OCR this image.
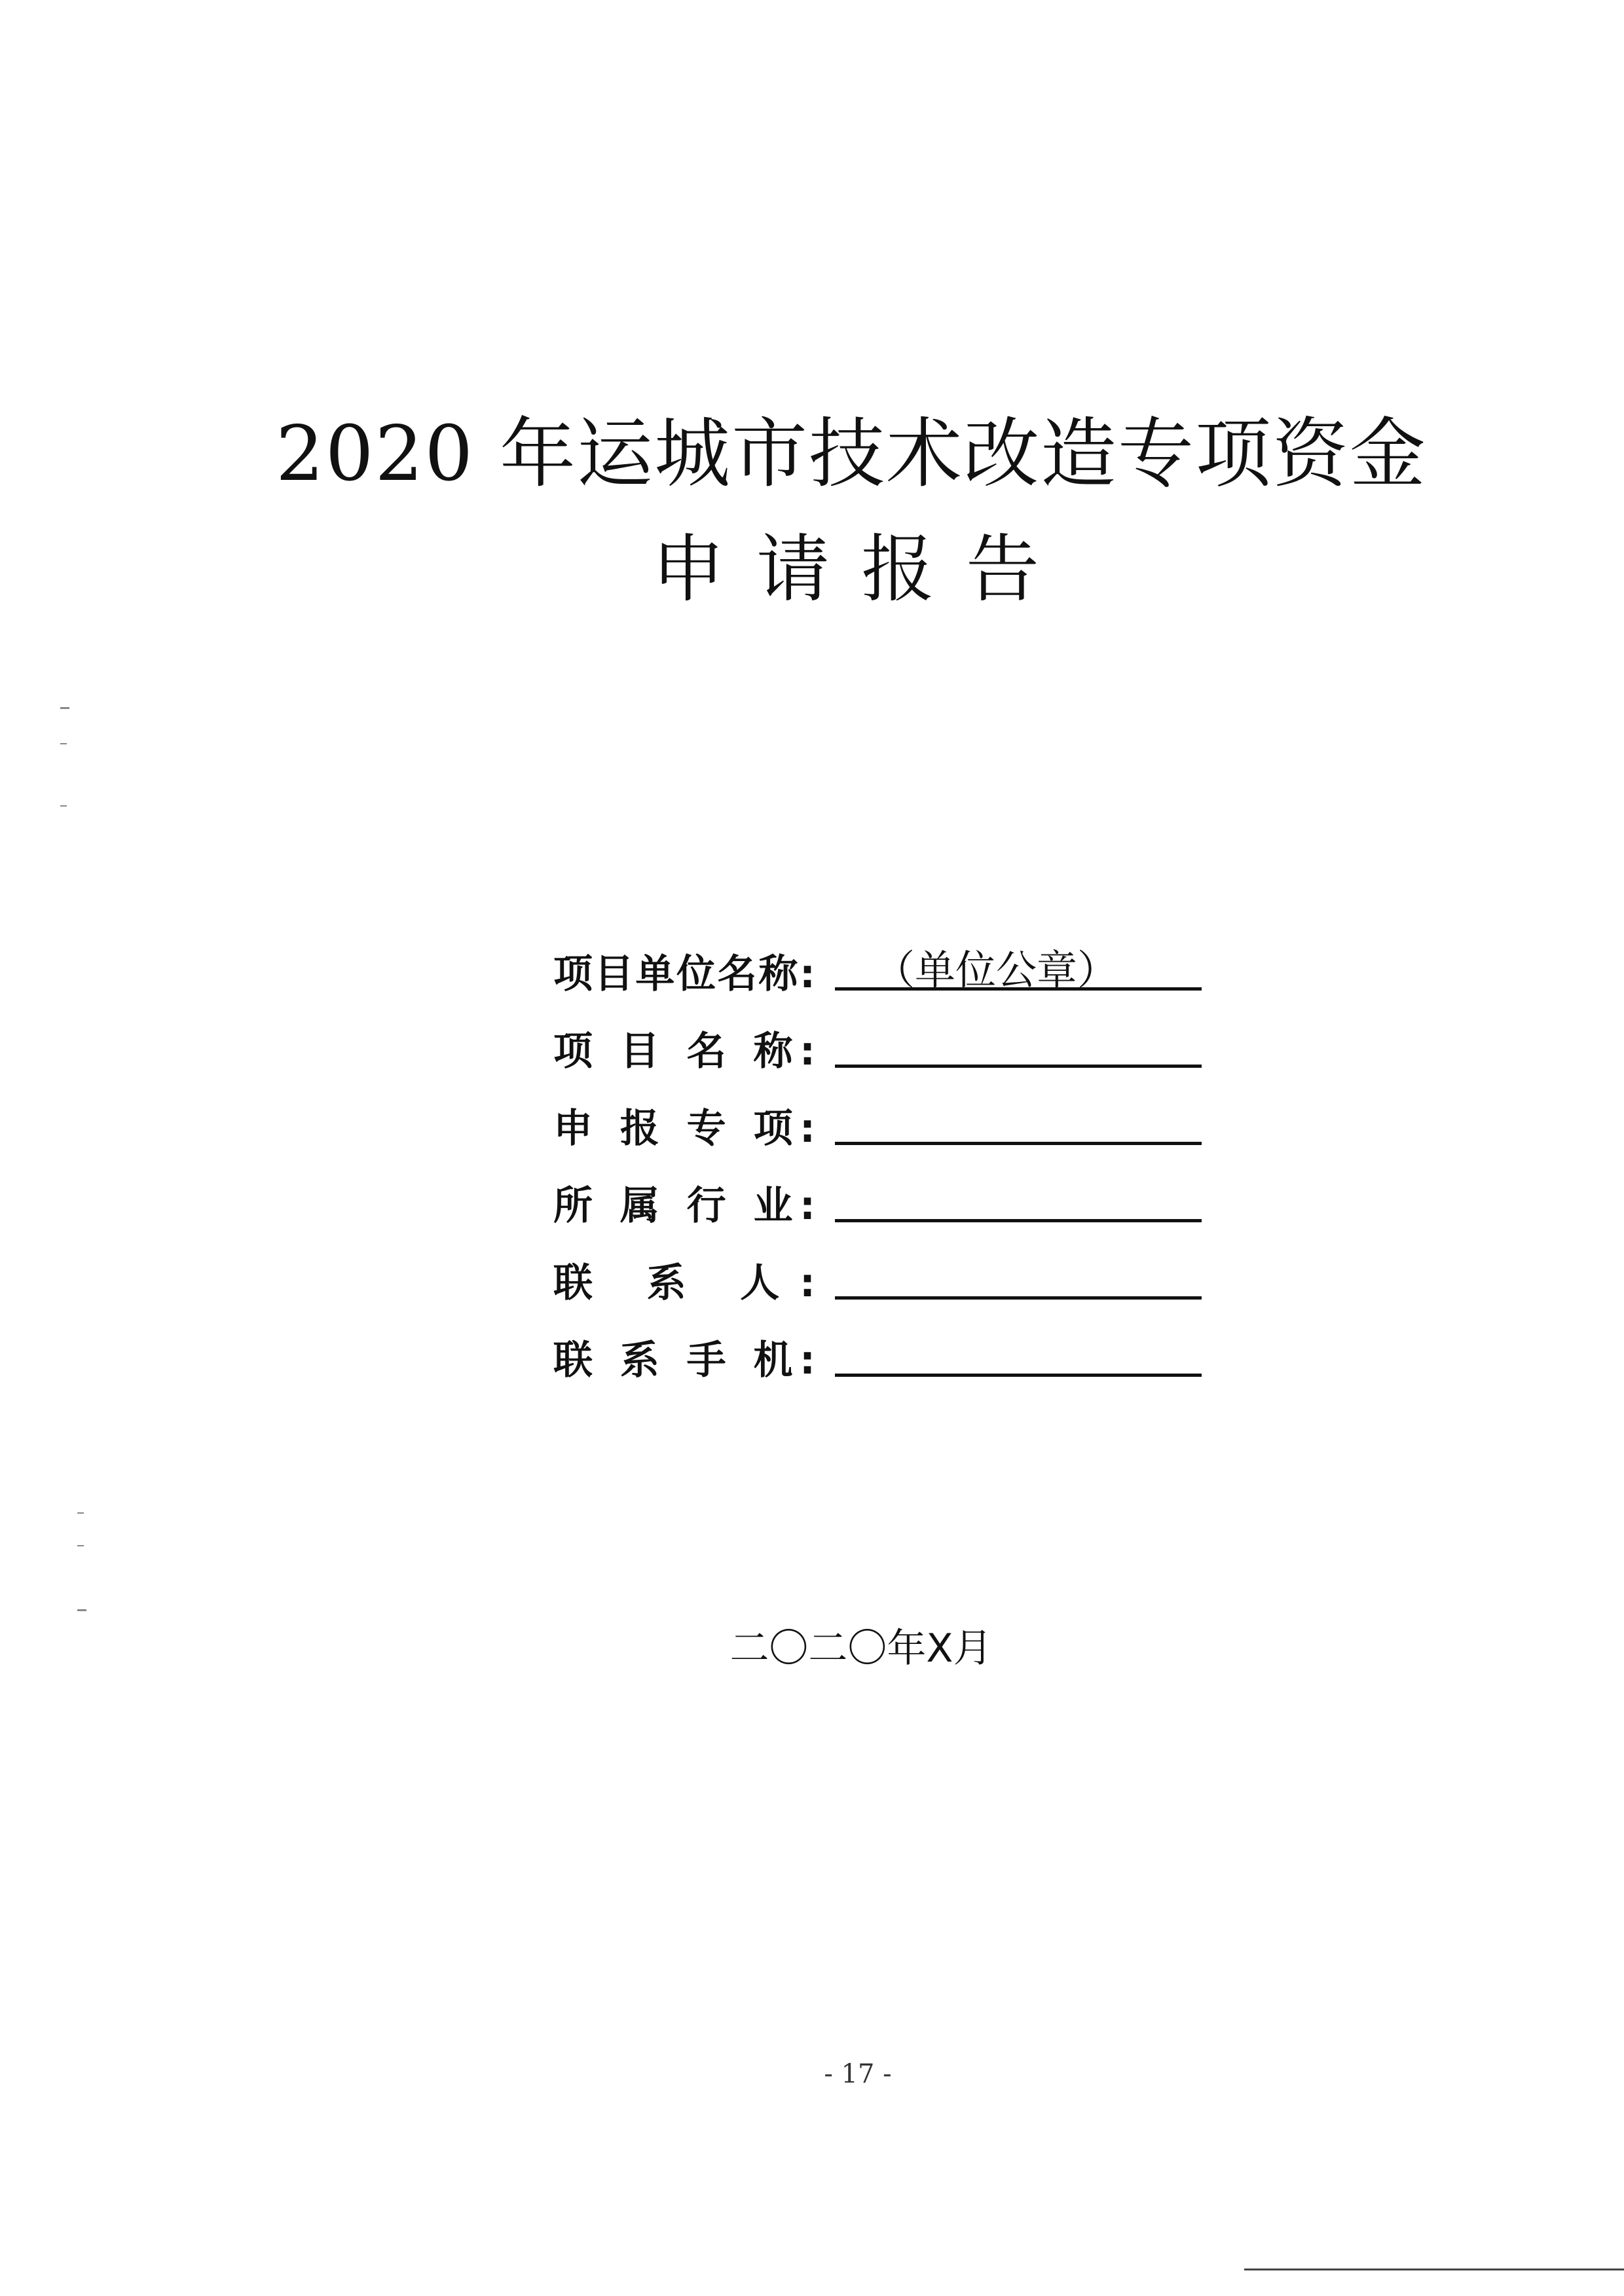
2020 年运城市技术改造专项资金
申请报告
项目单位名称: （单位公章）
项 目 名 称:
申 报 专 项:
所 属 行 业:
联 系 人:
联 系 手 机:
二〇二〇年X月
- 17 -
